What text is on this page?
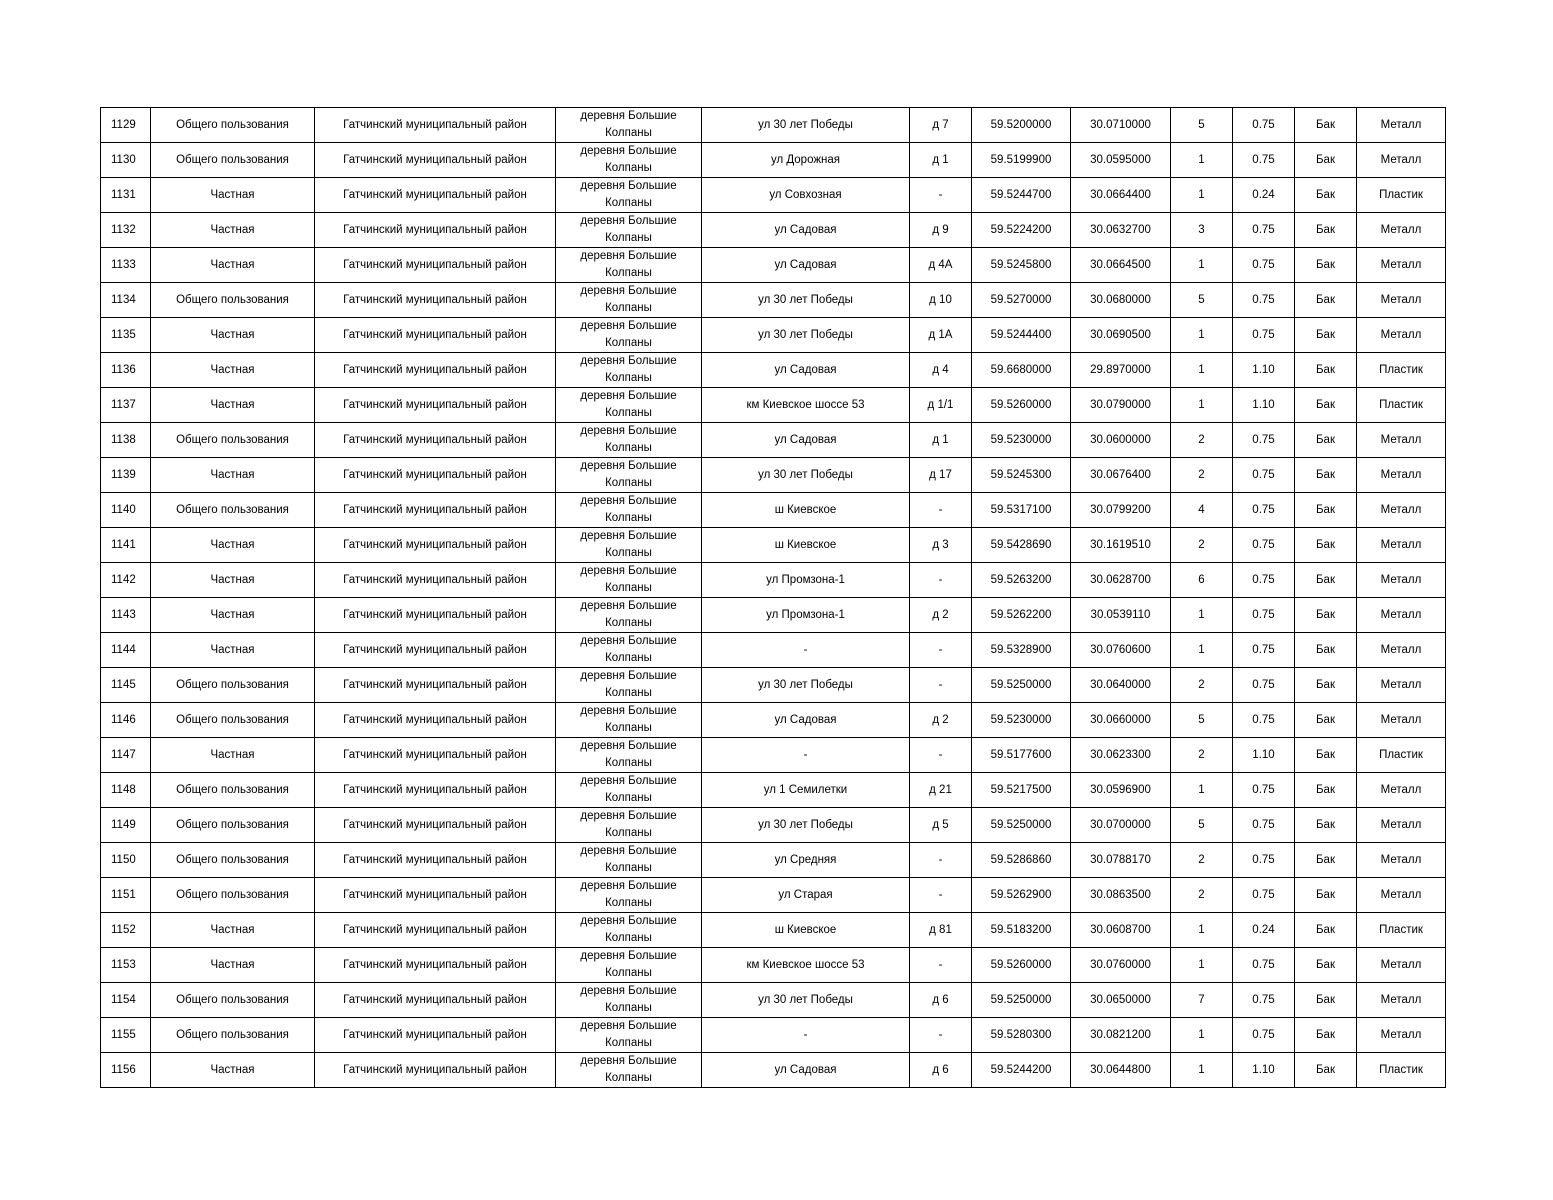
1129	Общего пользования	Гатчинский муниципальный район	деревня Большие Колпаны	ул 30 лет Победы	д 7	59.5200000	30.0710000	5	0.75	Бак	Металл
1130	Общего пользования	Гатчинский муниципальный район	деревня Большие Колпаны	ул Дорожная	д 1	59.5199900	30.0595000	1	0.75	Бак	Металл
1131	Частная	Гатчинский муниципальный район	деревня Большие Колпаны	ул Совхозная	-	59.5244700	30.0664400	1	0.24	Бак	Пластик
1132	Частная	Гатчинский муниципальный район	деревня Большие Колпаны	ул Садовая	д 9	59.5224200	30.0632700	3	0.75	Бак	Металл
1133	Частная	Гатчинский муниципальный район	деревня Большие Колпаны	ул Садовая	д 4А	59.5245800	30.0664500	1	0.75	Бак	Металл
1134	Общего пользования	Гатчинский муниципальный район	деревня Большие Колпаны	ул 30 лет Победы	д 10	59.5270000	30.0680000	5	0.75	Бак	Металл
1135	Частная	Гатчинский муниципальный район	деревня Большие Колпаны	ул 30 лет Победы	д 1А	59.5244400	30.0690500	1	0.75	Бак	Металл
1136	Частная	Гатчинский муниципальный район	деревня Большие Колпаны	ул Садовая	д 4	59.6680000	29.8970000	1	1.10	Бак	Пластик
1137	Частная	Гатчинский муниципальный район	деревня Большие Колпаны	км Киевское шоссе 53	д 1/1	59.5260000	30.0790000	1	1.10	Бак	Пластик
1138	Общего пользования	Гатчинский муниципальный район	деревня Большие Колпаны	ул Садовая	д 1	59.5230000	30.0600000	2	0.75	Бак	Металл
1139	Частная	Гатчинский муниципальный район	деревня Большие Колпаны	ул 30 лет Победы	д 17	59.5245300	30.0676400	2	0.75	Бак	Металл
1140	Общего пользования	Гатчинский муниципальный район	деревня Большие Колпаны	ш Киевское	-	59.5317100	30.0799200	4	0.75	Бак	Металл
1141	Частная	Гатчинский муниципальный район	деревня Большие Колпаны	ш Киевское	д 3	59.5428690	30.1619510	2	0.75	Бак	Металл
1142	Частная	Гатчинский муниципальный район	деревня Большие Колпаны	ул Промзона-1	-	59.5263200	30.0628700	6	0.75	Бак	Металл
1143	Частная	Гатчинский муниципальный район	деревня Большие Колпаны	ул Промзона-1	д 2	59.5262200	30.0539110	1	0.75	Бак	Металл
1144	Частная	Гатчинский муниципальный район	деревня Большие Колпаны	-	-	59.5328900	30.0760600	1	0.75	Бак	Металл
1145	Общего пользования	Гатчинский муниципальный район	деревня Большие Колпаны	ул 30 лет Победы	-	59.5250000	30.0640000	2	0.75	Бак	Металл
1146	Общего пользования	Гатчинский муниципальный район	деревня Большие Колпаны	ул Садовая	д 2	59.5230000	30.0660000	5	0.75	Бак	Металл
1147	Частная	Гатчинский муниципальный район	деревня Большие Колпаны	-	-	59.5177600	30.0623300	2	1.10	Бак	Пластик
1148	Общего пользования	Гатчинский муниципальный район	деревня Большие Колпаны	ул 1 Семилетки	д 21	59.5217500	30.0596900	1	0.75	Бак	Металл
1149	Общего пользования	Гатчинский муниципальный район	деревня Большие Колпаны	ул 30 лет Победы	д 5	59.5250000	30.0700000	5	0.75	Бак	Металл
1150	Общего пользования	Гатчинский муниципальный район	деревня Большие Колпаны	ул Средняя	-	59.5286860	30.0788170	2	0.75	Бак	Металл
1151	Общего пользования	Гатчинский муниципальный район	деревня Большие Колпаны	ул Старая	-	59.5262900	30.0863500	2	0.75	Бак	Металл
1152	Частная	Гатчинский муниципальный район	деревня Большие Колпаны	ш Киевское	д 81	59.5183200	30.0608700	1	0.24	Бак	Пластик
1153	Частная	Гатчинский муниципальный район	деревня Большие Колпаны	км Киевское шоссе 53	-	59.5260000	30.0760000	1	0.75	Бак	Металл
1154	Общего пользования	Гатчинский муниципальный район	деревня Большие Колпаны	ул 30 лет Победы	д 6	59.5250000	30.0650000	7	0.75	Бак	Металл
1155	Общего пользования	Гатчинский муниципальный район	деревня Большие Колпаны	-	-	59.5280300	30.0821200	1	0.75	Бак	Металл
1156	Частная	Гатчинский муниципальный район	деревня Большие Колпаны	ул Садовая	д 6	59.5244200	30.0644800	1	1.10	Бак	Пластик
